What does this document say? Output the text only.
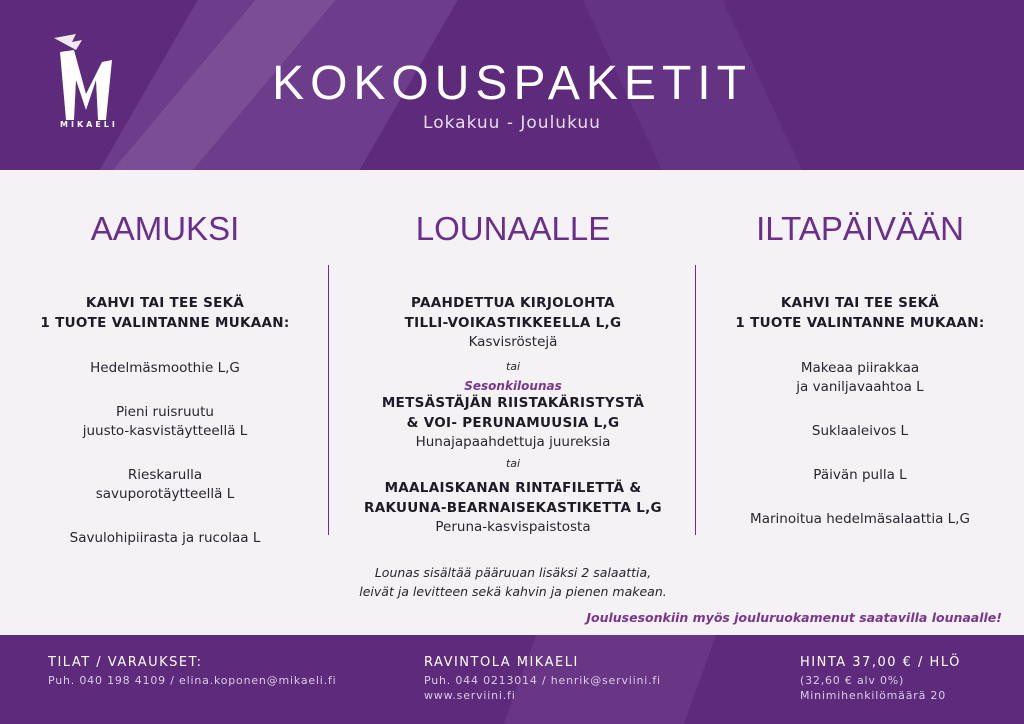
MIKAELI
KOKOUSPAKETIT
Lokakuu - Joulukuu
AAMUKSI
KAHVI TAI TEE SEKÄ
1 TUOTE VALINTANNE MUKAAN:
Hedelmäsmoothie L,G
Pieni ruisruutu
juusto-kasvistäytteellä L
Rieskarulla
savuporotäytteellä L
Savulohipiirasta ja rucolaa L
LOUNAALLE
PAAHDETTUA KIRJOLOHTA
TILLI-VOIKASTIKKEELLA L,G
Kasvisröstejä
tai
Sesonkilounas
METSÄSTÄJÄN RIISTAKÄRISTYSTÄ
& VOI- PERUNAMUUSIA L,G
Hunajapaahdettuja juureksia
tai
MAALAISKANAN RINTAFILETTÄ &
RAKUUNA-BEARNAISEKASTIKETTA L,G
Peruna-kasvispaistosta
ILTAPÄIVÄÄN
KAHVI TAI TEE SEKÄ
1 TUOTE VALINTANNE MUKAAN:
Makeaa piirakkaa
ja vaniljavaahtoa L
Suklaaleivos L
Päivän pulla L
Marinoitua hedelmäsalaattia L,G
Lounas sisältää pääruuan lisäksi 2 salaattia,
leivät ja levitteen sekä kahvin ja pienen makean.
Joulusesonkiin myös jouluruokamenut saatavilla lounaalle!
TILAT / VARAUKSET:
Puh. 040 198 4109 / elina.koponen@mikaeli.fi
RAVINTOLA MIKAELI
Puh. 044 0213014 / henrik@serviini.fi
www.serviini.fi
HINTA 37,00 € / HLÖ
(32,60 € alv 0%)
Minimihenkilömäärä 20
